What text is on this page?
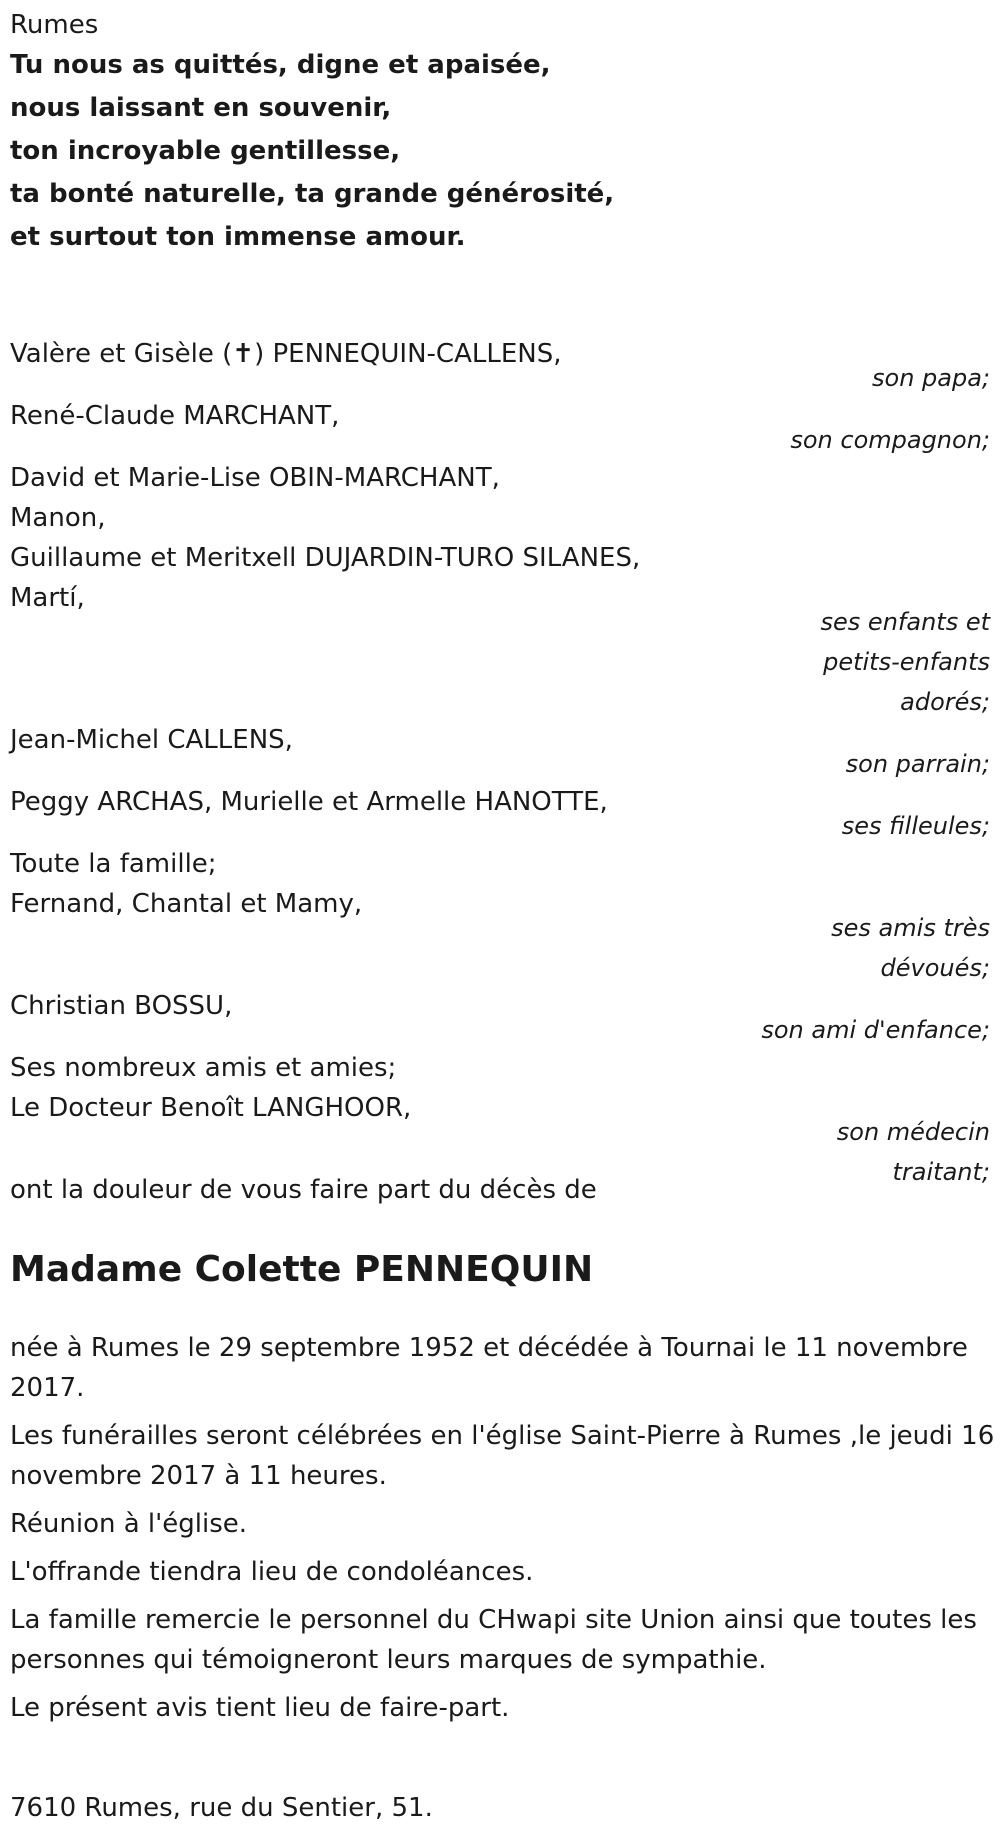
Rumes
Tu nous as quittés, digne et apaisée,
nous laissant en souvenir,
ton incroyable gentillesse,
ta bonté naturelle, ta grande générosité,
et surtout ton immense amour.
Valère et Gisèle (✝) PENNEQUIN-CALLENS,
son papa;
René-Claude MARCHANT,
son compagnon;
David et Marie-Lise OBIN-MARCHANT,
Manon,
Guillaume et Meritxell DUJARDIN-TURO SILANES,
Martí,
ses enfants et
petits-enfants
adorés;
Jean-Michel CALLENS,
son parrain;
Peggy ARCHAS, Murielle et Armelle HANOTTE,
ses filleules;
Toute la famille;
Fernand, Chantal et Mamy,
ses amis très
dévoués;
Christian BOSSU,
son ami d'enfance;
Ses nombreux amis et amies;
Le Docteur Benoît LANGHOOR,
son médecin
traitant;
ont la douleur de vous faire part du décès de
Madame Colette PENNEQUIN
née à Rumes le 29 septembre 1952 et décédée à Tournai le 11 novembre 2017.
Les funérailles seront célébrées en l'église Saint-Pierre à Rumes ,le jeudi 16 novembre 2017 à 11 heures.
Réunion à l'église.
L'offrande tiendra lieu de condoléances.
La famille remercie le personnel du CHwapi site Union ainsi que toutes les personnes qui témoigneront leurs marques de sympathie.
Le présent avis tient lieu de faire-part.
7610 Rumes, rue du Sentier, 51.
